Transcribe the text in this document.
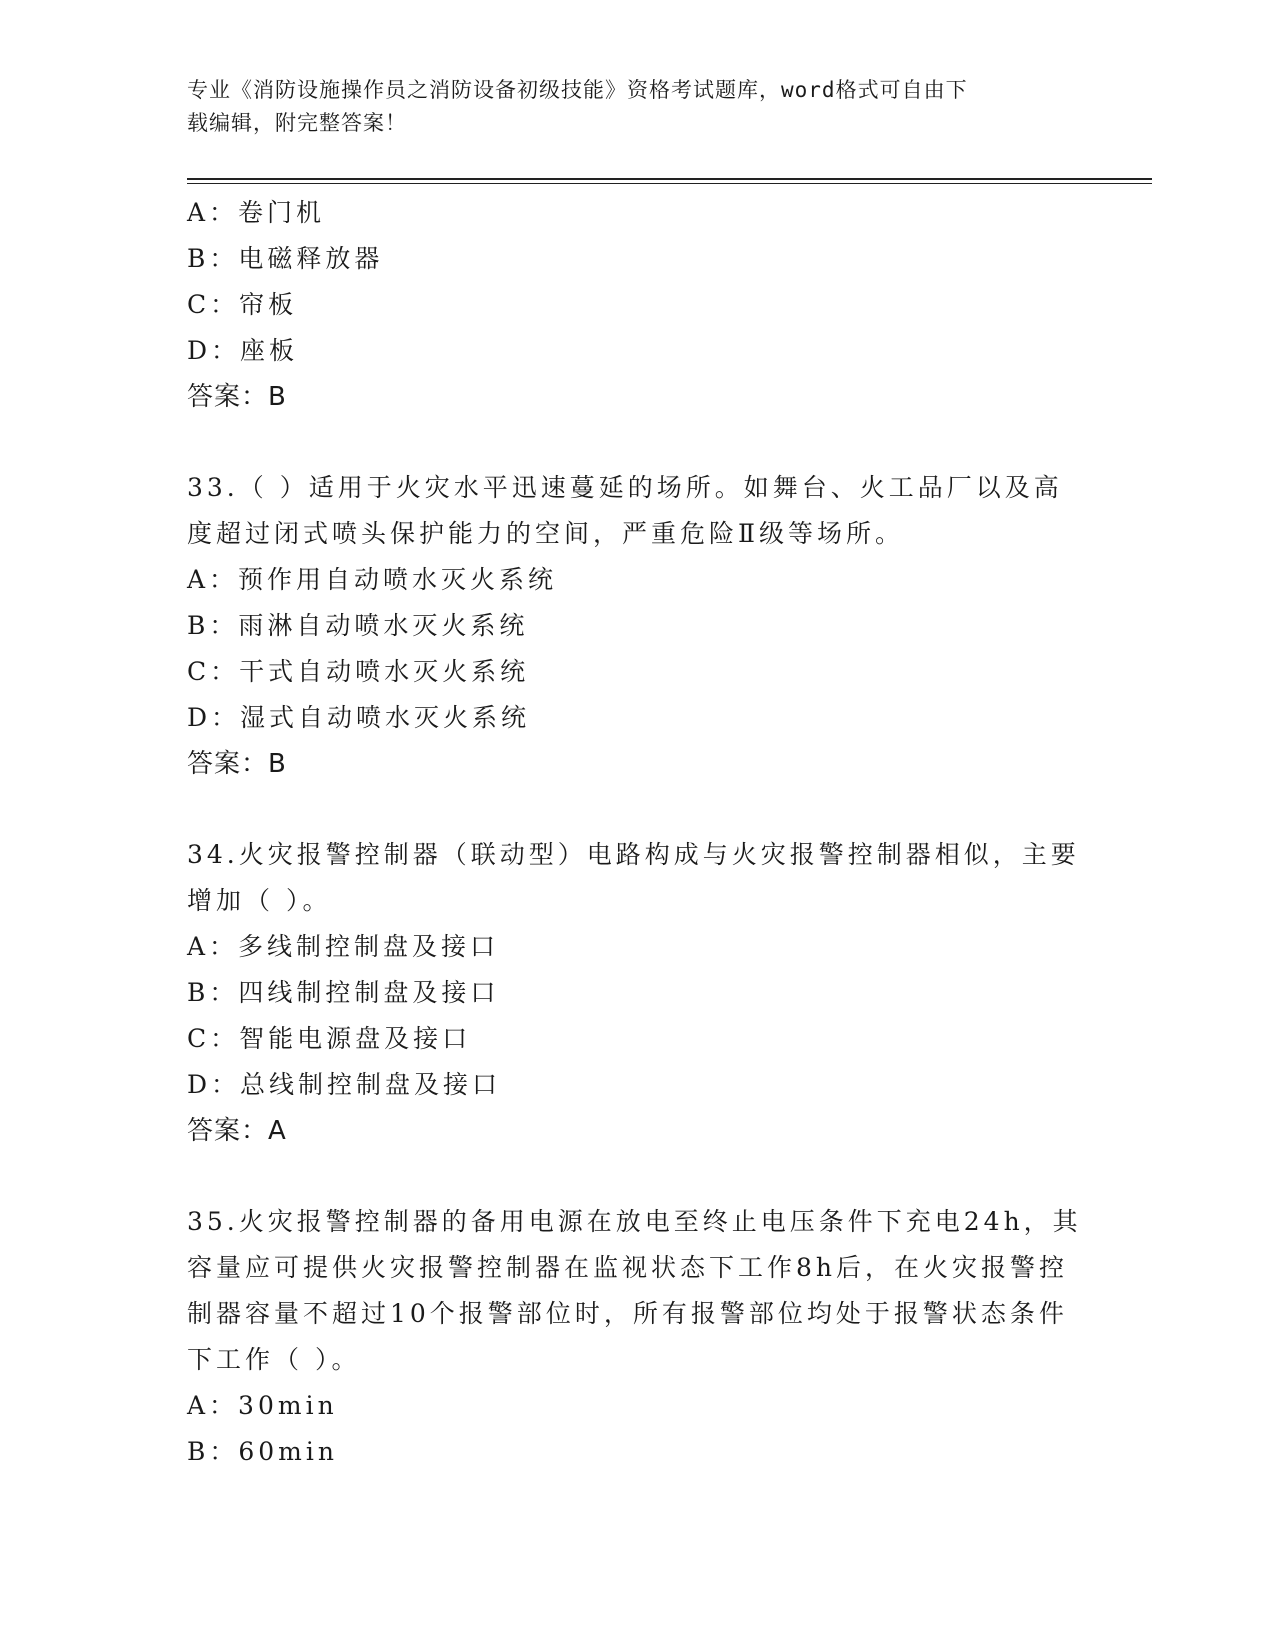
专业《消防设施操作员之消防设备初级技能》资格考试题库，word格式可自由下
载编辑，附完整答案！
A：卷门机
B：电磁释放器
C：帘板
D：座板
答案：B
33.（ ）适用于火灾水平迅速蔓延的场所。如舞台、火工品厂以及高
度超过闭式喷头保护能力的空间，严重危险Ⅱ级等场所。
A：预作用自动喷水灭火系统
B：雨淋自动喷水灭火系统
C：干式自动喷水灭火系统
D：湿式自动喷水灭火系统
答案：B
34.火灾报警控制器（联动型）电路构成与火灾报警控制器相似，主要
增加（ ）。
A：多线制控制盘及接口
B：四线制控制盘及接口
C：智能电源盘及接口
D：总线制控制盘及接口
答案：A
35.火灾报警控制器的备用电源在放电至终止电压条件下充电24h，其
容量应可提供火灾报警控制器在监视状态下工作8h后，在火灾报警控
制器容量不超过10个报警部位时，所有报警部位均处于报警状态条件
下工作（ ）。
A：30min
B：60min
